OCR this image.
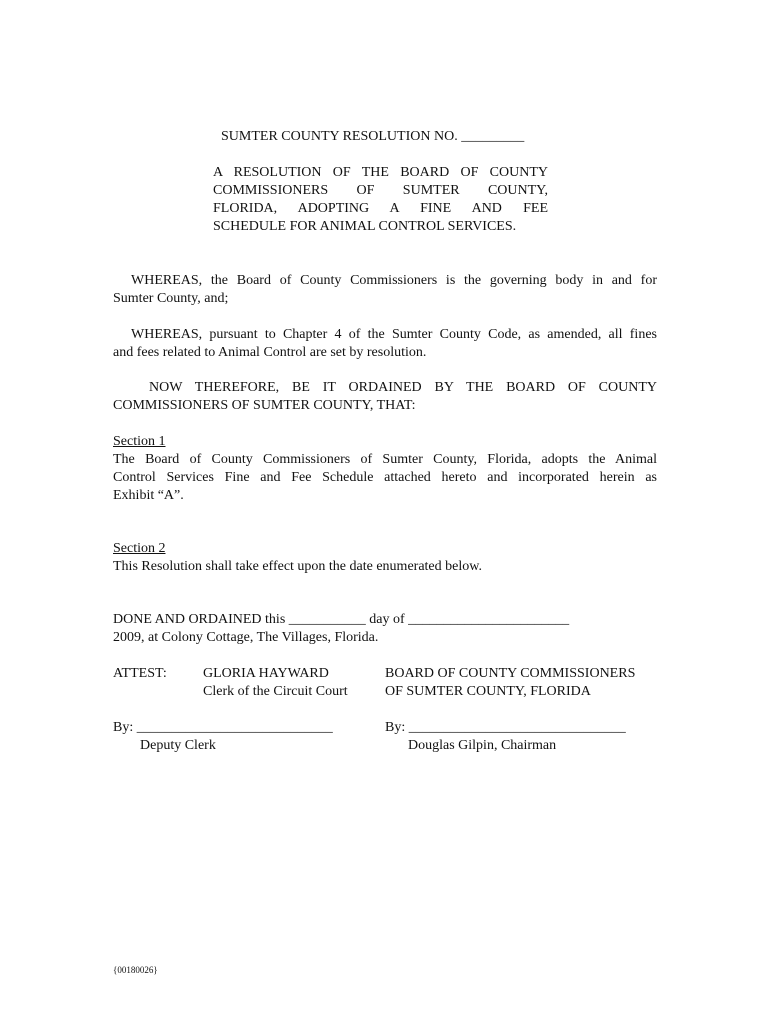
SUMTER COUNTY RESOLUTION NO. _________

A RESOLUTION OF THE BOARD OF COUNTY
COMMISSIONERS OF SUMTER COUNTY,
FLORIDA, ADOPTING A FINE AND FEE
SCHEDULE FOR ANIMAL CONTROL SERVICES.
WHEREAS, the Board of County Commissioners is the governing body in and for
Sumter County, and;
WHEREAS, pursuant to Chapter 4 of the Sumter County Code, as amended, all fines
and fees related to Animal Control are set by resolution.
NOW THEREFORE, BE IT ORDAINED BY THE BOARD OF COUNTY
COMMISSIONERS OF SUMTER COUNTY, THAT:
Section 1
The Board of County Commissioners of Sumter County, Florida, adopts the Animal
Control Services Fine and Fee Schedule attached hereto and incorporated herein as
Exhibit “A”.
Section 2
This Resolution shall take effect upon the date enumerated below.
DONE AND ORDAINED this ___________ day of _______________________
2009, at Colony Cottage, The Villages, Florida.
ATTEST:	GLORIA HAYWARD
Clerk of the Circuit Court
BOARD OF COUNTY COMMISSIONERS
OF SUMTER COUNTY, FLORIDA
By: ____________________________
Deputy Clerk
By: _______________________________
Douglas Gilpin, Chairman

{00180026}
